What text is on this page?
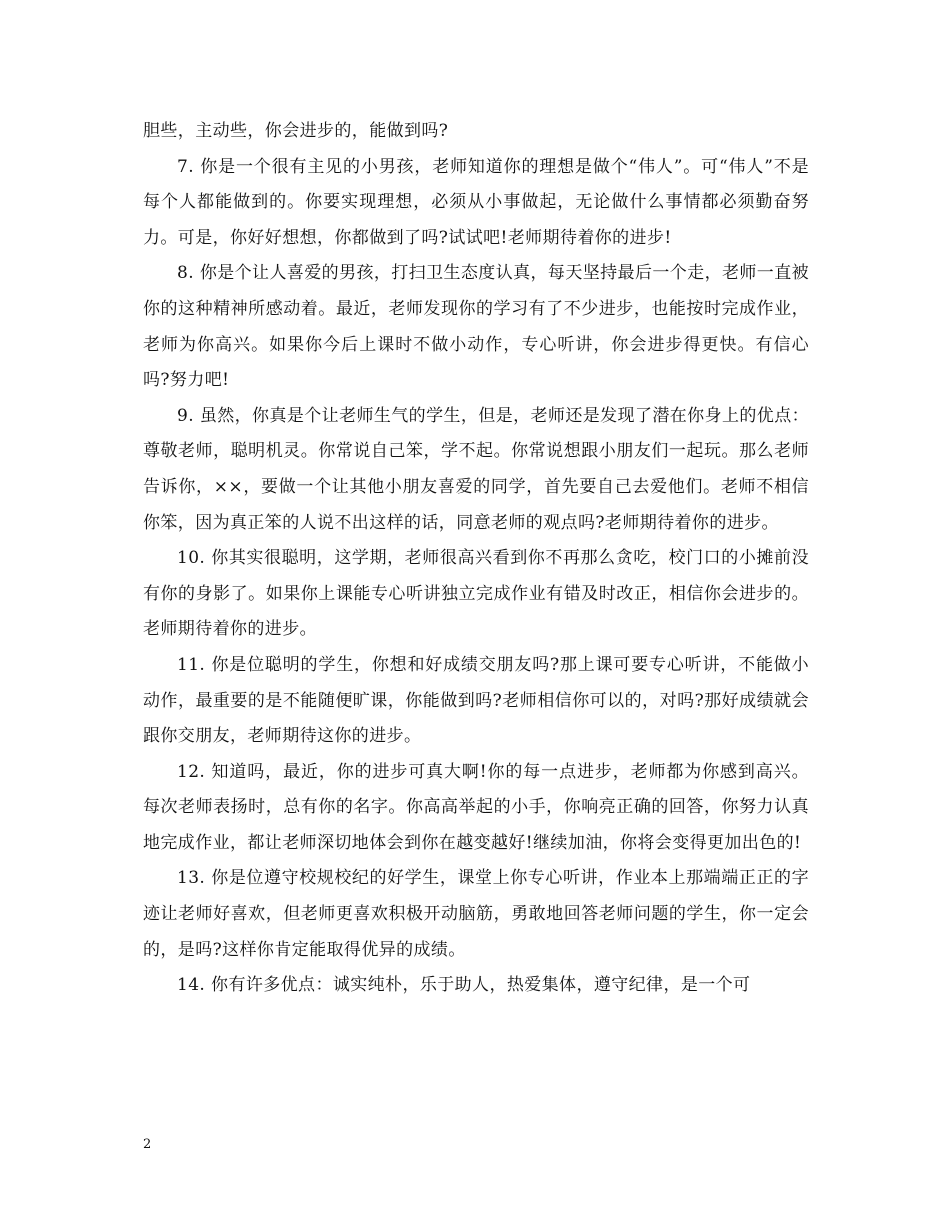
胆些，主动些，你会进步的，能做到吗?

7. 你是一个很有主见的小男孩，老师知道你的理想是做个“伟人”。可“伟人”不是每个人都能做到的。你要实现理想，必须从小事做起，无论做什么事情都必须勤奋努力。可是，你好好想想，你都做到了吗?试试吧!老师期待着你的进步!

8. 你是个让人喜爱的男孩，打扫卫生态度认真，每天坚持最后一个走，老师一直被你的这种精神所感动着。最近，老师发现你的学习有了不少进步，也能按时完成作业，老师为你高兴。如果你今后上课时不做小动作，专心听讲，你会进步得更快。有信心吗?努力吧!

9. 虽然，你真是个让老师生气的学生，但是，老师还是发现了潜在你身上的优点：尊敬老师，聪明机灵。你常说自己笨，学不起。你常说想跟小朋友们一起玩。那么老师告诉你，××，要做一个让其他小朋友喜爱的同学，首先要自己去爱他们。老师不相信你笨，因为真正笨的人说不出这样的话，同意老师的观点吗?老师期待着你的进步。

10. 你其实很聪明，这学期，老师很高兴看到你不再那么贪吃，校门口的小摊前没有你的身影了。如果你上课能专心听讲独立完成作业有错及时改正，相信你会进步的。老师期待着你的进步。

11. 你是位聪明的学生，你想和好成绩交朋友吗?那上课可要专心听讲，不能做小动作，最重要的是不能随便旷课，你能做到吗?老师相信你可以的，对吗?那好成绩就会跟你交朋友，老师期待这你的进步。

12. 知道吗，最近，你的进步可真大啊!你的每一点进步，老师都为你感到高兴。每次老师表扬时，总有你的名字。你高高举起的小手，你响亮正确的回答，你努力认真地完成作业，都让老师深切地体会到你在越变越好!继续加油，你将会变得更加出色的!

13. 你是位遵守校规校纪的好学生，课堂上你专心听讲，作业本上那端端正正的字迹让老师好喜欢，但老师更喜欢积极开动脑筋，勇敢地回答老师问题的学生，你一定会的，是吗?这样你肯定能取得优异的成绩。

14. 你有许多优点：诚实纯朴，乐于助人，热爱集体，遵守纪律，是一个可

2
